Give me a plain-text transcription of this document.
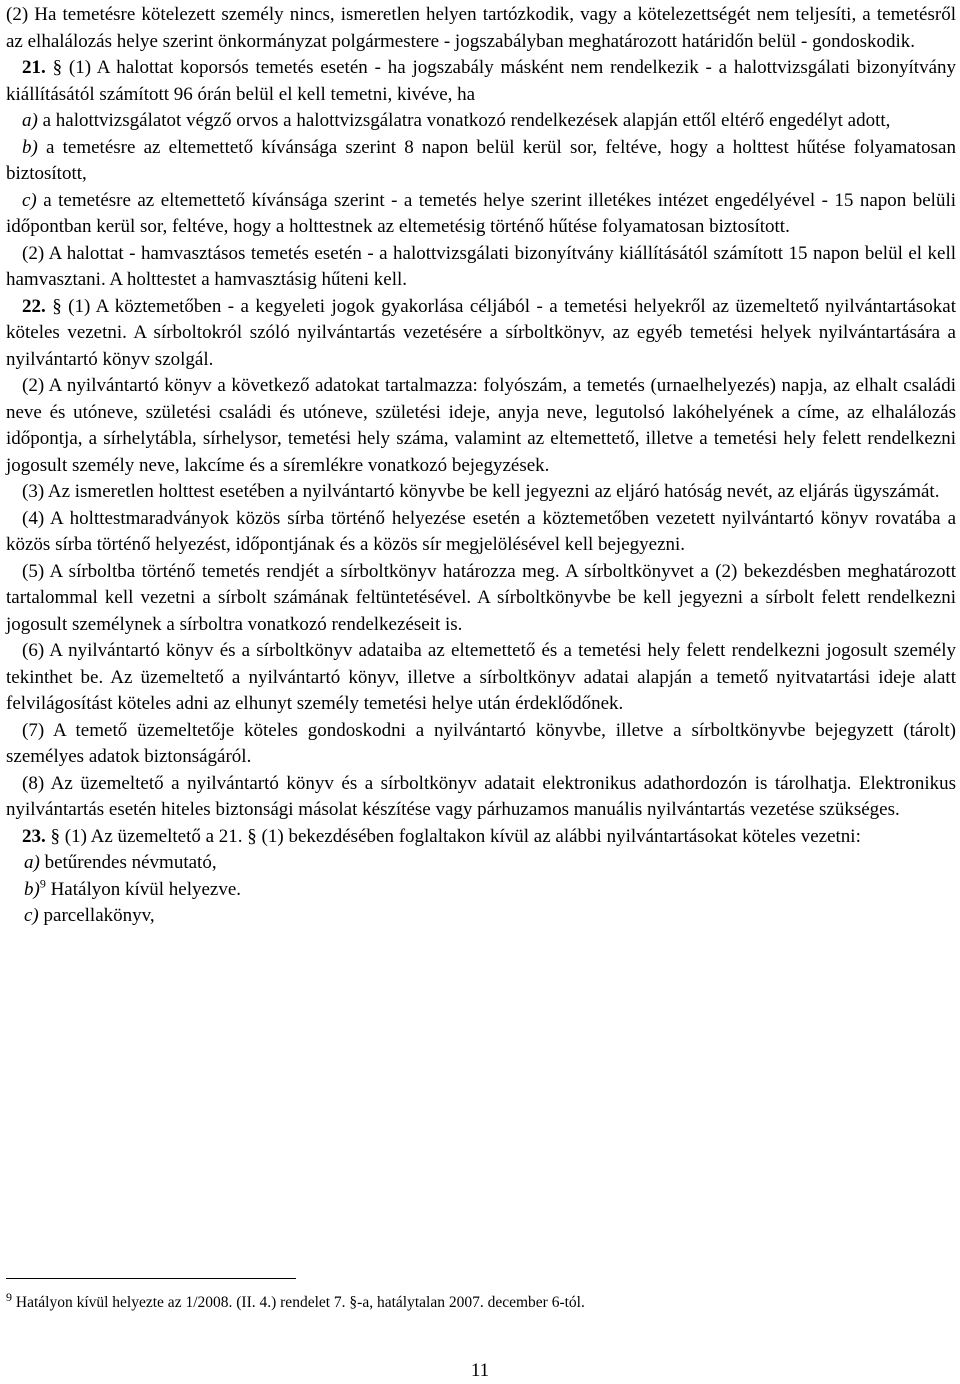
(2) Ha temetésre kötelezett személy nincs, ismeretlen helyen tartózkodik, vagy a kötelezettségét nem teljesíti, a temetésről az elhalálozás helye szerint önkormányzat polgármestere - jogszabályban meghatározott határidőn belül - gondoskodik.

21. § (1) A halottat koporsós temetés esetén - ha jogszabály másként nem rendelkezik - a halottvizsgálati bizonyítvány kiállításától számított 96 órán belül el kell temetni, kivéve, ha

a) a halottvizsgálatot végző orvos a halottvizsgálatra vonatkozó rendelkezések alapján ettől eltérő engedélyt adott,

b) a temetésre az eltemettető kívánsága szerint 8 napon belül kerül sor, feltéve, hogy a holttest hűtése folyamatosan biztosított,

c) a temetésre az eltemettető kívánsága szerint - a temetés helye szerint illetékes intézet engedélyével - 15 napon belüli időpontban kerül sor, feltéve, hogy a holttestnek az eltemetésig történő hűtése folyamatosan biztosított.

(2) A halottat - hamvasztásos temetés esetén - a halottvizsgálati bizonyítvány kiállításától számított 15 napon belül el kell hamvasztani. A holttestet a hamvasztásig hűteni kell.

22. § (1) A köztemetőben - a kegyeleti jogok gyakorlása céljából - a temetési helyekről az üzemeltető nyilvántartásokat köteles vezetni. A sírboltokról szóló nyilvántartás vezetésére a sírboltkönyv, az egyéb temetési helyek nyilvántartására a nyilvántartó könyv szolgál.

(2) A nyilvántartó könyv a következő adatokat tartalmazza: folyószám, a temetés (urnaelhelyezés) napja, az elhalt családi neve és utóneve, születési családi és utóneve, születési ideje, anyja neve, legutolsó lakóhelyének a címe, az elhalálozás időpontja, a sírhelytábla, sírhelysor, temetési hely száma, valamint az eltemettető, illetve a temetési hely felett rendelkezni jogosult személy neve, lakcíme és a síremlékre vonatkozó bejegyzések.

(3) Az ismeretlen holttest esetében a nyilvántartó könyvbe be kell jegyezni az eljáró hatóság nevét, az eljárás ügyszámát.

(4) A holttestmaradványok közös sírba történő helyezése esetén a köztemetőben vezetett nyilvántartó könyv rovatába a közös sírba történő helyezést, időpontjának és a közös sír megjelölésével kell bejegyezni.

(5) A sírboltba történő temetés rendjét a sírboltkönyv határozza meg. A sírboltkönyvet a (2) bekezdésben meghatározott tartalommal kell vezetni a sírbolt számának feltüntetésével. A sírboltkönyvbe be kell jegyezni a sírbolt felett rendelkezni jogosult személynek a sírboltra vonatkozó rendelkezéseit is.

(6) A nyilvántartó könyv és a sírboltkönyv adataiba az eltemettető és a temetési hely felett rendelkezni jogosult személy tekinthet be. Az üzemeltető a nyilvántartó könyv, illetve a sírboltkönyv adatai alapján a temető nyitvatartási ideje alatt felvilágosítást köteles adni az elhunyt személy temetési helye után érdeklődőnek.

(7) A temető üzemeltetője köteles gondoskodni a nyilvántartó könyvbe, illetve a sírboltkönyvbe bejegyzett (tárolt) személyes adatok biztonságáról.

(8) Az üzemeltető a nyilvántartó könyv és a sírboltkönyv adatait elektronikus adathordozón is tárolhatja. Elektronikus nyilvántartás esetén hiteles biztonsági másolat készítése vagy párhuzamos manuális nyilvántartás vezetése szükséges.

23. § (1) Az üzemeltető a 21. § (1) bekezdésében foglaltakon kívül az alábbi nyilvántartásokat köteles vezetni:

a) betűrendes névmutató,
b)$^9$ Hatályon kívül helyezve.
c) parcellakönyv,
$^9$ Hatályon kívül helyezte az 1/2008. (II. 4.) rendelet 7. §-a, hatálytalan 2007. december 6-tól.
11
